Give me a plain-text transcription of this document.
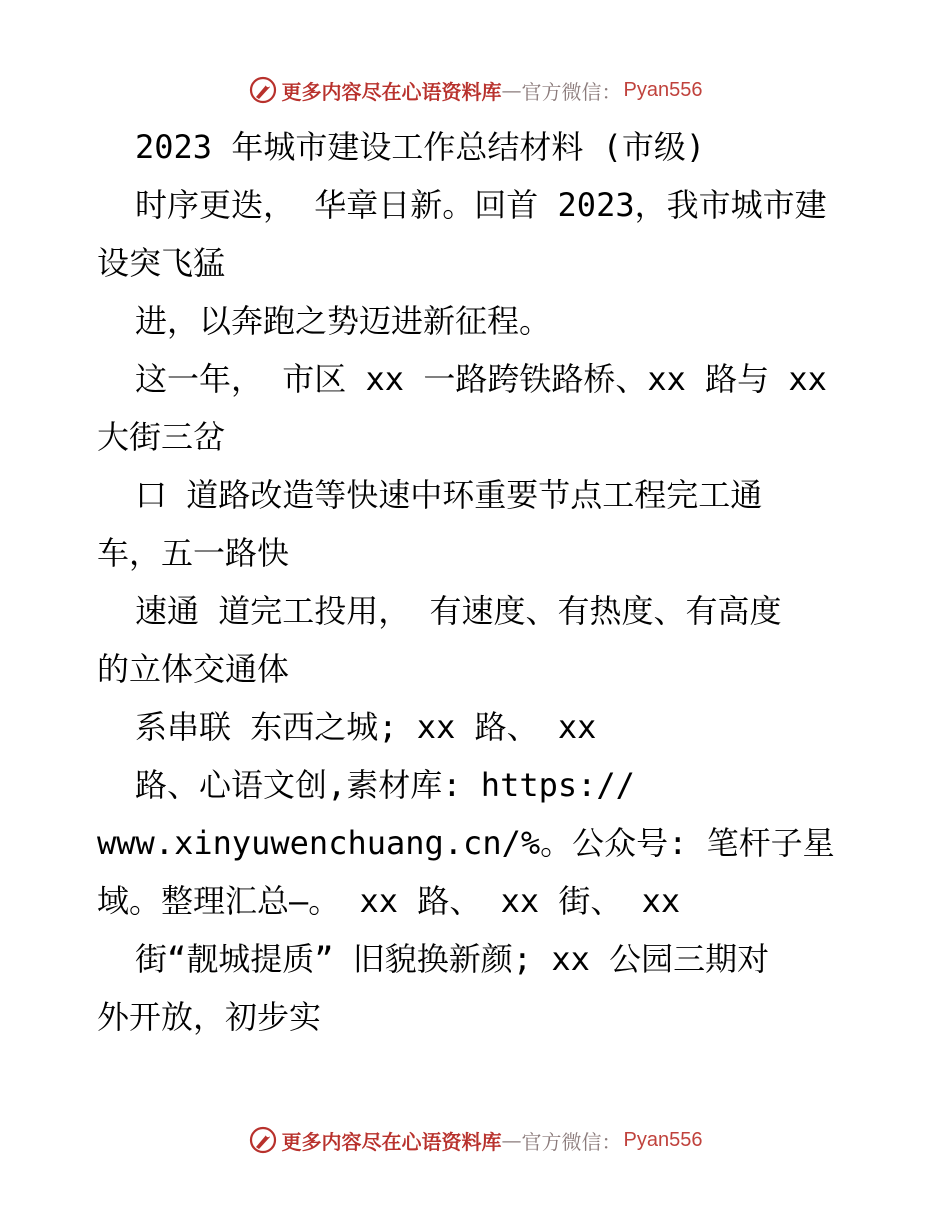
更多内容尽在心语资料库 — 官方微信： Pyan556
2023 年城市建设工作总结材料 (市级)
时序更迭， 华章日新。回首 2023，我市城市建
设突飞猛
进，以奔跑之势迈进新征程。
这一年， 市区 xx 一路跨铁路桥、xx 路与 xx
大街三岔
口 道路改造等快速中环重要节点工程完工通
车，五一路快
速通 道完工投用， 有速度、有热度、有高度
的立体交通体
系串联 东西之城; xx 路、 xx
路、心语文创,素材库: https://
www.xinyuwenchuang.cn/%。公众号: 笔杆子星
域。整理汇总—。 xx 路、 xx 街、 xx
街“靓城提质” 旧貌换新颜; xx 公园三期对
外开放，初步实
更多内容尽在心语资料库 — 官方微信： Pyan556
